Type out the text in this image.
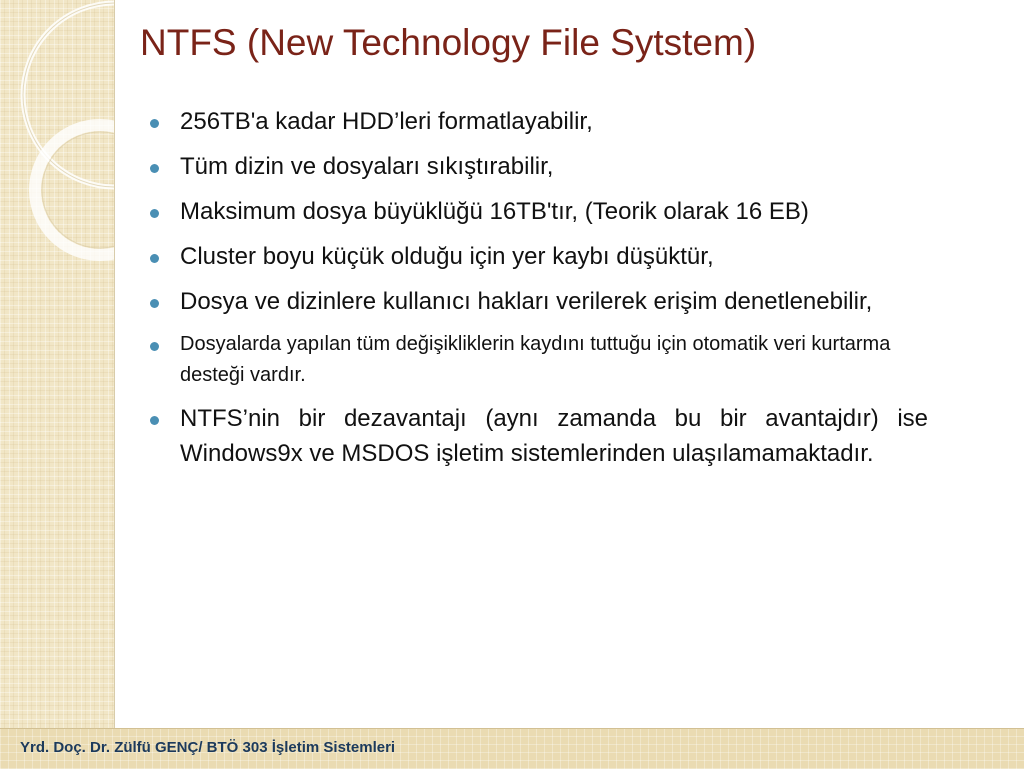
NTFS (New Technology File Sytstem)
256TB'a kadar HDD’leri formatlayabilir,
Tüm dizin ve dosyaları sıkıştırabilir,
Maksimum dosya büyüklüğü 16TB'tır, (Teorik olarak 16 EB)
Cluster boyu küçük olduğu için yer kaybı düşüktür,
Dosya ve dizinlere kullanıcı hakları verilerek erişim denetlenebilir,
Dosyalarda yapılan tüm değişikliklerin kaydını tuttuğu için otomatik veri kurtarma desteği vardır.
NTFS’nin bir dezavantajı (aynı zamanda bu bir avantajdır) ise Windows9x ve MSDOS işletim sistemlerinden ulaşılamamaktadır.
Yrd. Doç. Dr. Zülfü GENÇ/ BTÖ 303 İşletim Sistemleri
